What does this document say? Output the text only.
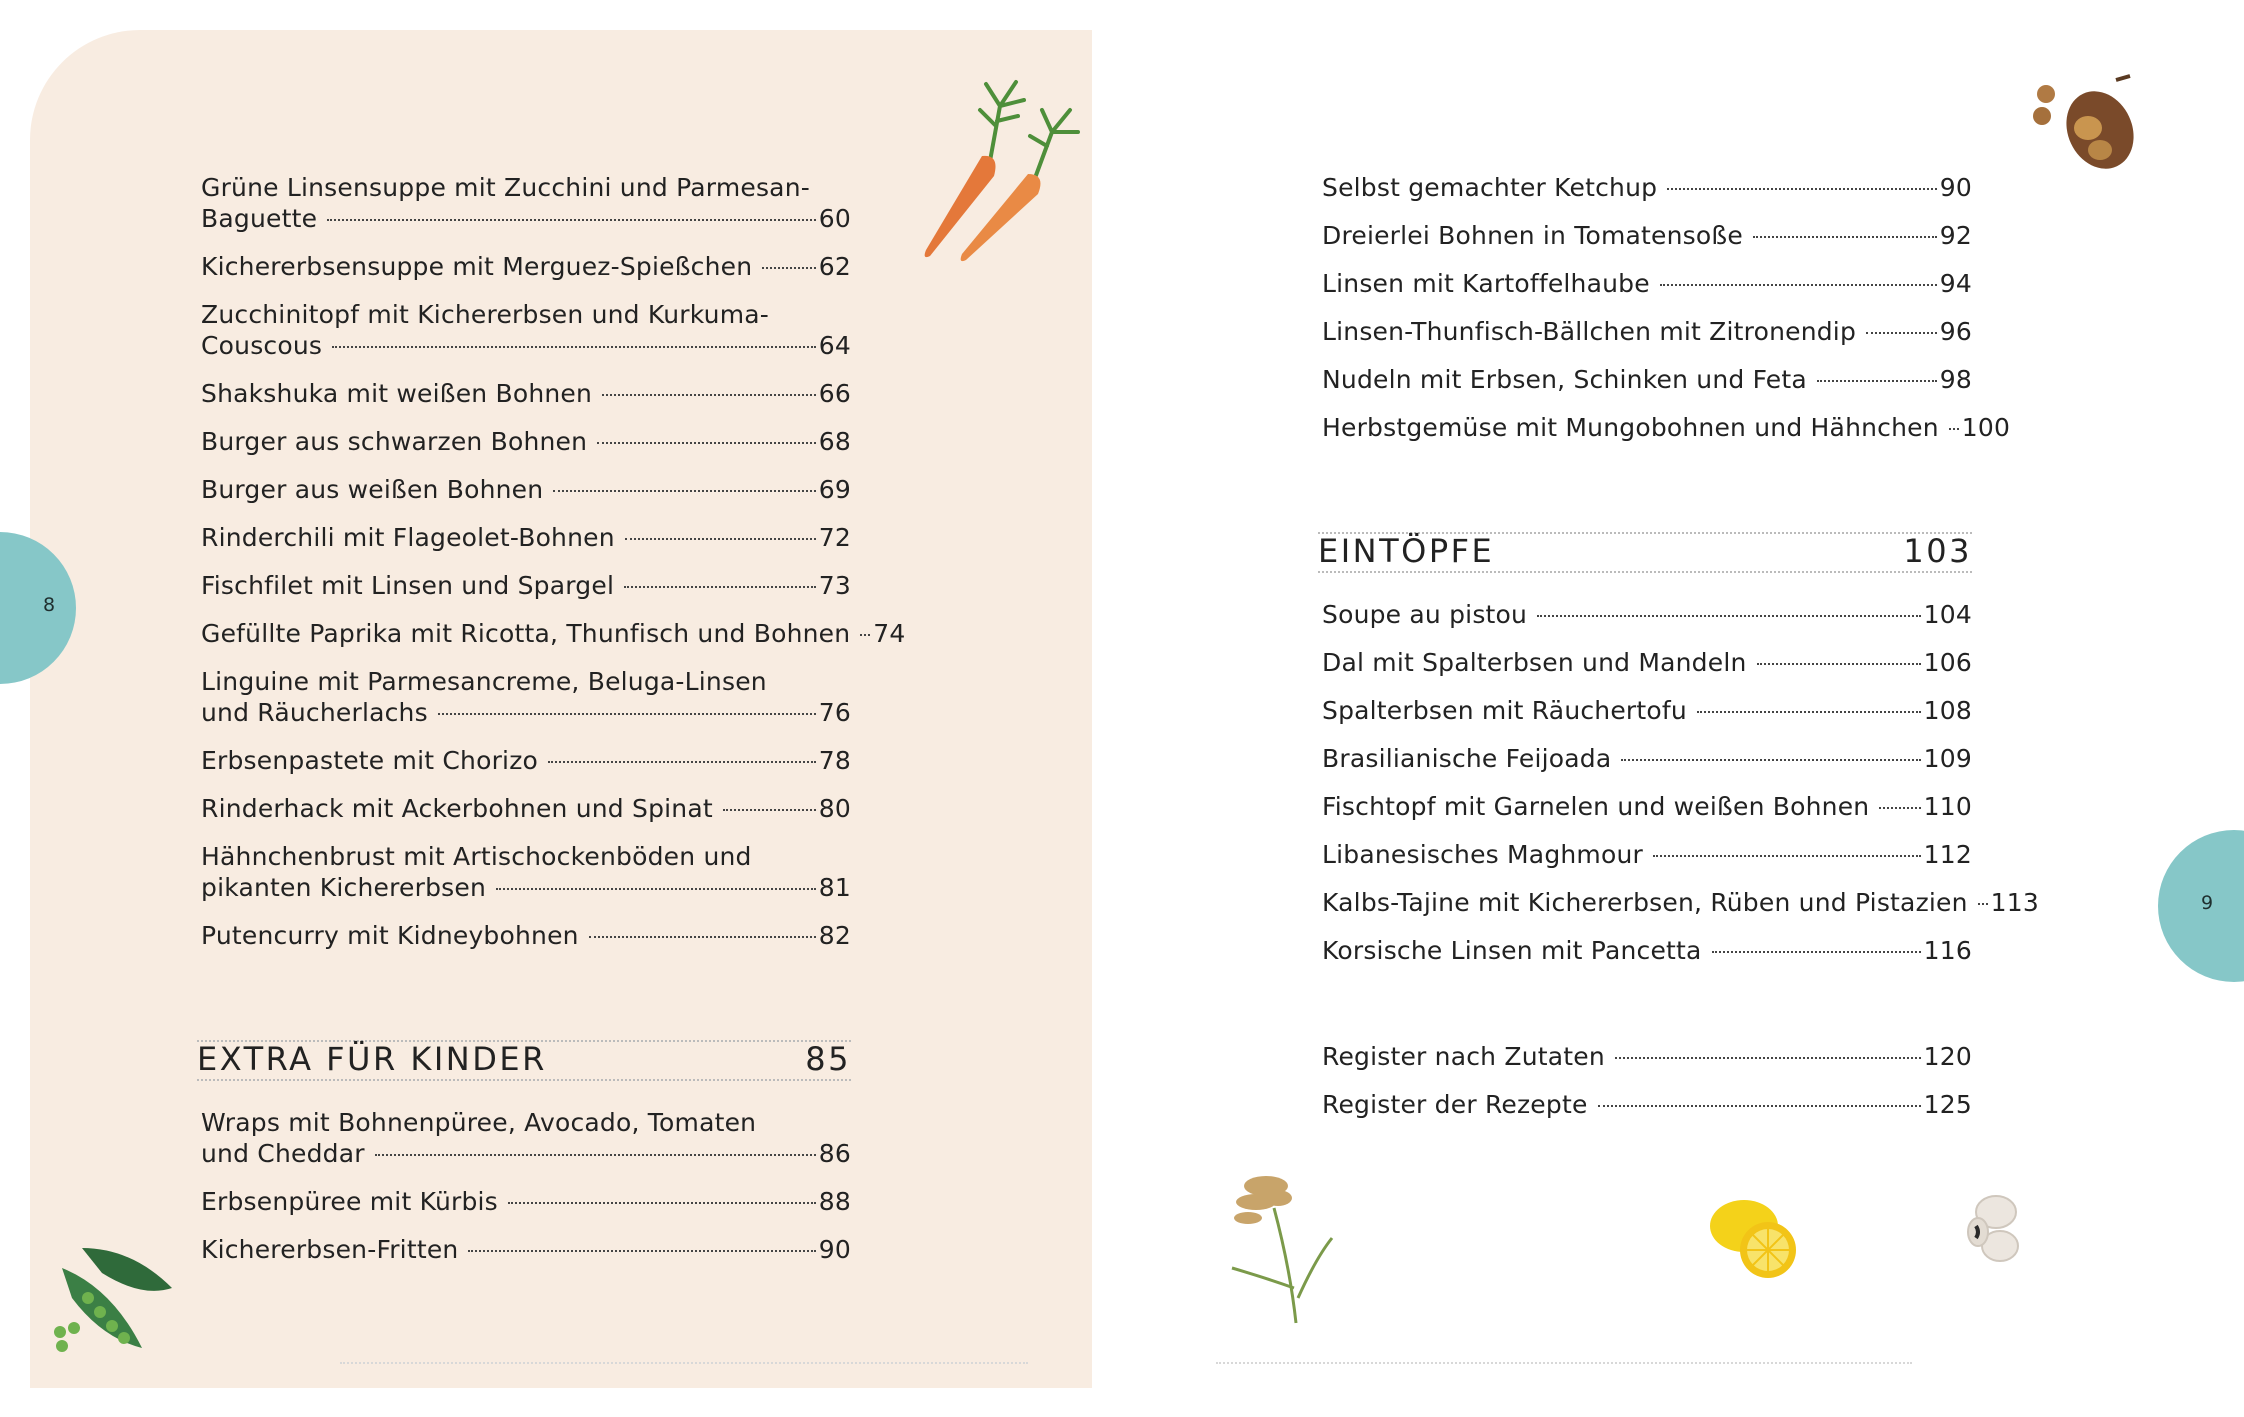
8
9
Grüne Linsensuppe mit Zucchini und Parmesan-
Baguette	60
Kichererbsensuppe mit Merguez-Spießchen	62
Zucchinitopf mit Kichererbsen und Kurkuma-
Couscous	64
Shakshuka mit weißen Bohnen	66
Burger aus schwarzen Bohnen	68
Burger aus weißen Bohnen	69
Rinderchili mit Flageolet-Bohnen	72
Fischfilet mit Linsen und Spargel	73
Gefüllte Paprika mit Ricotta, Thunfisch und Bohnen 74
Linguine mit Parmesancreme, Beluga-Linsen
und Räucherlachs	76
Erbsenpastete mit Chorizo	78
Rinderhack mit Ackerbohnen und Spinat	80
Hähnchenbrust mit Artischockenböden und
pikanten Kichererbsen	81
Putencurry mit Kidneybohnen	82
EXTRA FÜR KINDER	85
Wraps mit Bohnenpüree, Avocado, Tomaten
und Cheddar	86
Erbsenpüree mit Kürbis	88
Kichererbsen-Fritten	90
Selbst gemachter Ketchup	90
Dreierlei Bohnen in Tomatensoße	92
Linsen mit Kartoffelhaube	94
Linsen-Thunfisch-Bällchen mit Zitronendip	96
Nudeln mit Erbsen, Schinken und Feta	98
Herbstgemüse mit Mungobohnen und Hähnchen 100
EINTÖPFE	103
Soupe au pistou	104
Dal mit Spalterbsen und Mandeln	106
Spalterbsen mit Räuchertofu	108
Brasilianische Feijoada	109
Fischtopf mit Garnelen und weißen Bohnen 110
Libanesisches Maghmour	112
Kalbs-Tajine mit Kichererbsen, Rüben und Pistazien 113
Korsische Linsen mit Pancetta	116
Register nach Zutaten	120
Register der Rezepte	125
